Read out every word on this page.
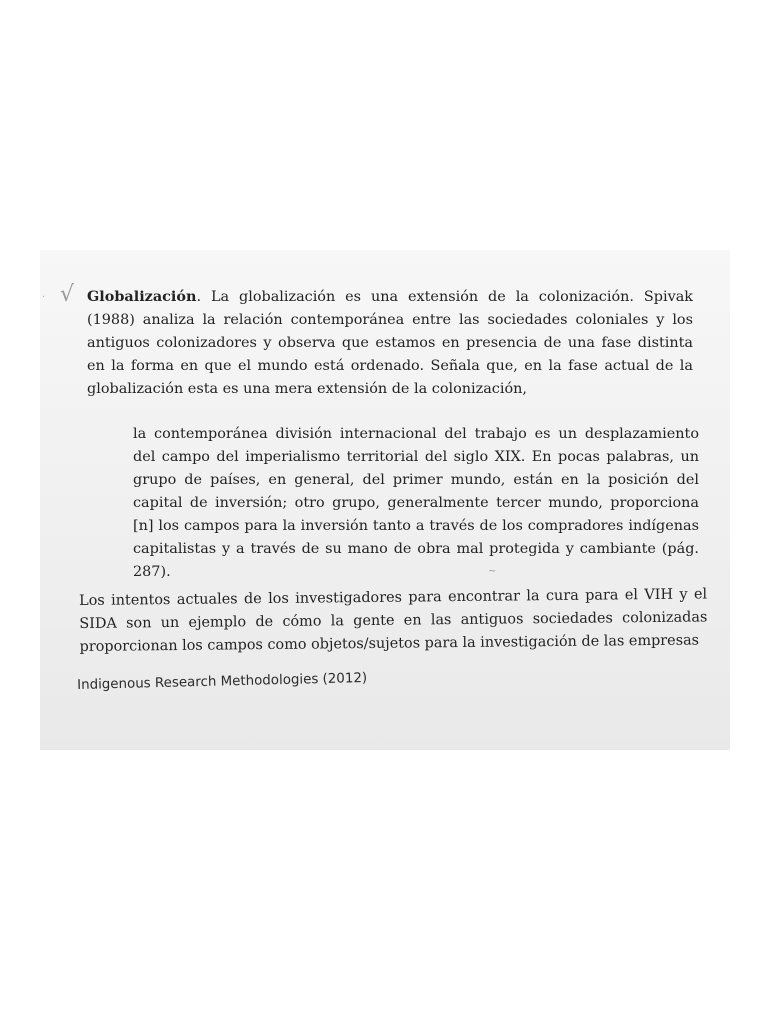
· √ Globalización. La globalización es una extensión de la colonización. Spivak (1988) analiza la relación contemporánea entre las sociedades coloniales y los antiguos colonizadores y observa que estamos en presencia de una fase distinta en la forma en que el mundo está ordenado. Señala que, en la fase actual de la globalización esta es una mera extensión de la colonización,

la contemporánea división internacional del trabajo es un desplazamiento del campo del imperialismo territorial del siglo XIX. En pocas palabras, un grupo de países, en general, del primer mundo, están en la posición del capital de inversión; otro grupo, generalmente tercer mundo, proporciona [n] los campos para la inversión tanto a través de los compradores indígenas capitalistas y a través de su mano de obra mal protegida y cambiante (pág. 287).	~

Los intentos actuales de los investigadores para encontrar la cura para el VIH y el SIDA son un ejemplo de cómo la gente en las antiguos sociedades colonizadas proporcionan los campos como objetos/sujetos para la investigación de las empresas

Indigenous Research Methodologies (2012)
